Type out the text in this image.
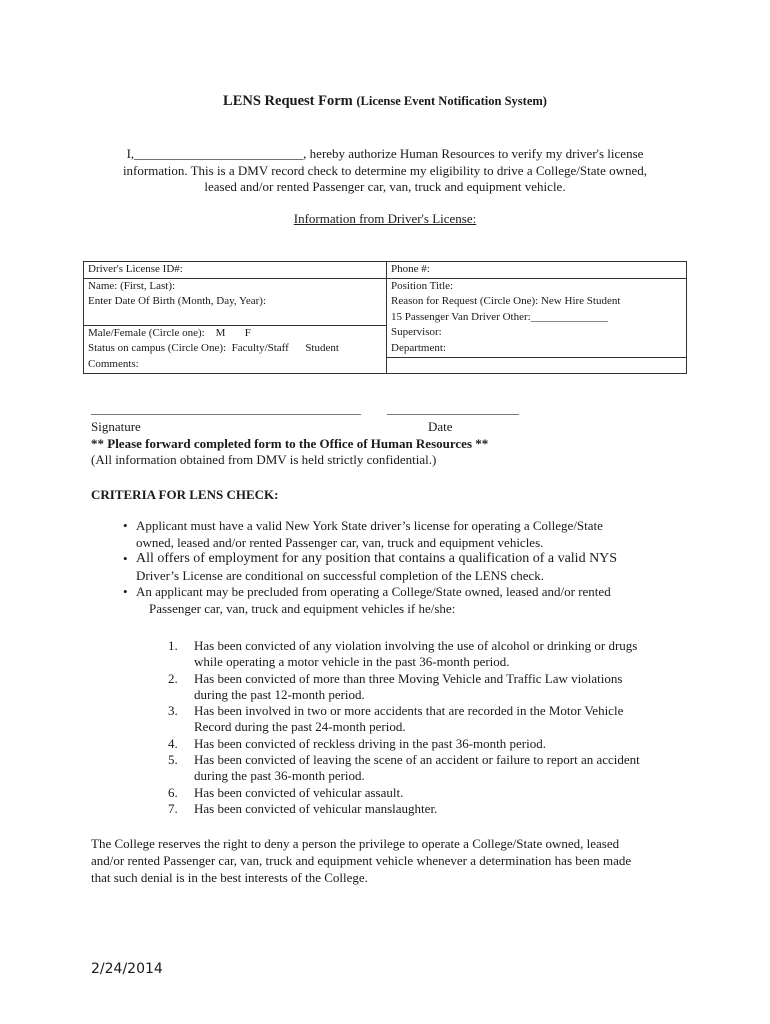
LENS Request Form (License Event Notification System)
I,__________________________, hereby authorize Human Resources to verify my driver's license
information. This is a DMV record check to determine my eligibility to drive a College/State owned,
leased and/or rented Passenger car, van, truck and equipment vehicle.
Information from Driver's License:
Driver's License ID#:	Phone #:
Name: (First, Last):	Position Title:
Enter Date Of Birth (Month, Day, Year):	Reason for Request (Circle One): New Hire Student
15 Passenger Van Driver Other:______________

Male/Female (Circle one):    M       F	Supervisor:
Status on campus (Circle One):  Faculty/Staff      Student	Department:
Comments:	
_____________________________________________ ______________________
Signature	Date
** Please forward completed form to the Office of Human Resources **
(All information obtained from DMV is held strictly confidential.)
CRITERIA FOR LENS CHECK:
• Applicant must have a valid New York State driver’s license for operating a College/State
owned, leased and/or rented Passenger car, van, truck and equipment vehicles.
• All offers of employment for any position that contains a qualification of a valid NYS
Driver’s License are conditional on successful completion of the LENS check.
• An applicant may be precluded from operating a College/State owned, leased and/or rented
Passenger car, van, truck and equipment vehicles if he/she:
1. Has been convicted of any violation involving the use of alcohol or drinking or drugs
while operating a motor vehicle in the past 36-month period.
2. Has been convicted of more than three Moving Vehicle and Traffic Law violations
during the past 12-month period.
3. Has been involved in two or more accidents that are recorded in the Motor Vehicle
Record during the past 24-month period.
4. Has been convicted of reckless driving in the past 36-month period.
5. Has been convicted of leaving the scene of an accident or failure to report an accident
during the past 36-month period.
6. Has been convicted of vehicular assault.
7. Has been convicted of vehicular manslaughter.
The College reserves the right to deny a person the privilege to operate a College/State owned, leased
and/or rented Passenger car, van, truck and equipment vehicle whenever a determination has been made
that such denial is in the best interests of the College.
2/24/2014
